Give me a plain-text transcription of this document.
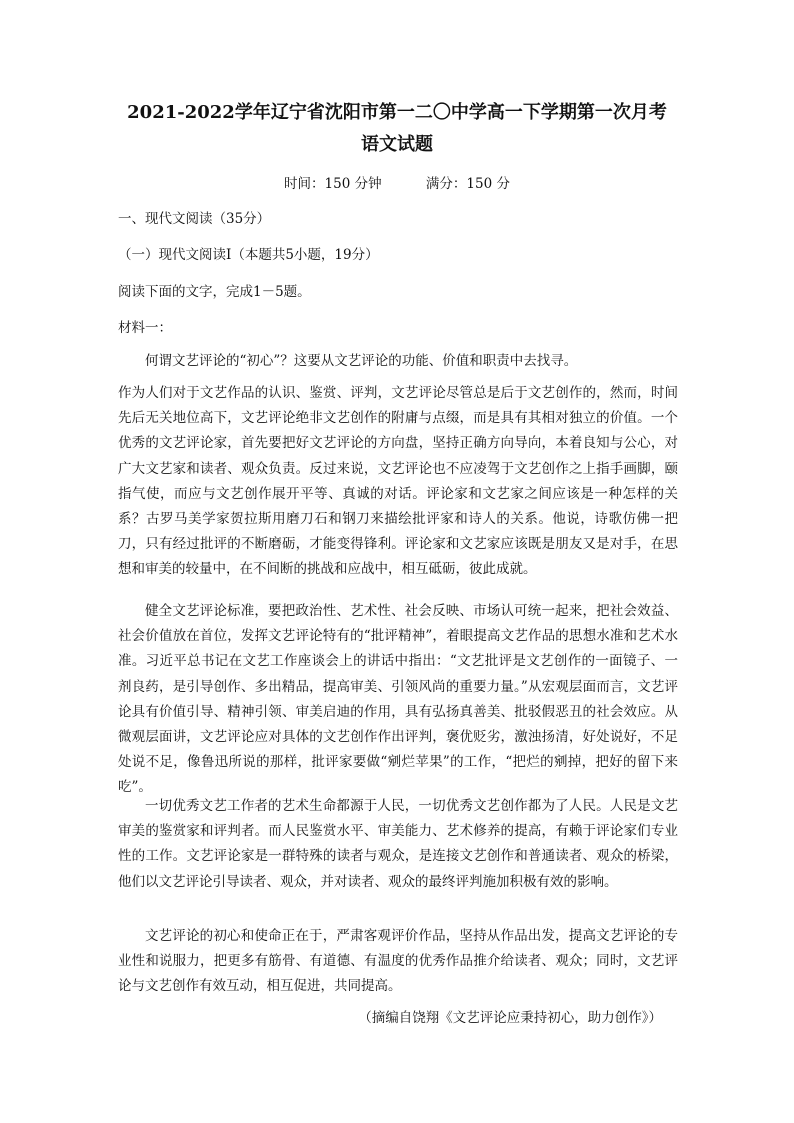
2021-2022学年辽宁省沈阳市第一二〇中学高一下学期第一次月考
语文试题
时间：150 分钟	满分：150 分
一、现代文阅读（35分）
（一）现代文阅读Ⅰ（本题共5小题，19分）
阅读下面的文字，完成1－5题。
材料一：

何谓文艺评论的“初心”？这要从文艺评论的功能、价值和职责中去找寻。

作为人们对于文艺作品的认识、鉴赏、评判，文艺评论尽管总是后于文艺创作的，然而，时间先后无关地位高下，文艺评论绝非文艺创作的附庸与点缀，而是具有其相对独立的价值。一个优秀的文艺评论家，首先要把好文艺评论的方向盘，坚持正确方向导向，本着良知与公心，对广大文艺家和读者、观众负责。反过来说，文艺评论也不应凌驾于文艺创作之上指手画脚，颐指气使，而应与文艺创作展开平等、真诚的对话。评论家和文艺家之间应该是一种怎样的关系？古罗马美学家贺拉斯用磨刀石和钢刀来描绘批评家和诗人的关系。他说，诗歌仿佛一把刀，只有经过批评的不断磨砺，才能变得锋利。评论家和文艺家应该既是朋友又是对手，在思想和审美的较量中，在不间断的挑战和应战中，相互砥砺，彼此成就。

健全文艺评论标准，要把政治性、艺术性、社会反映、市场认可统一起来，把社会效益、社会价值放在首位，发挥文艺评论特有的“批评精神”，着眼提高文艺作品的思想水准和艺术水准。习近平总书记在文艺工作座谈会上的讲话中指出：“文艺批评是文艺创作的一面镜子、一剂良药，是引导创作、多出精品，提高审美、引领风尚的重要力量。”从宏观层面而言，文艺评论具有价值引导、精神引领、审美启迪的作用，具有弘扬真善美、批驳假恶丑的社会效应。从微观层面讲，文艺评论应对具体的文艺创作作出评判，褒优贬劣，激浊扬清，好处说好，不足处说不足，像鲁迅所说的那样，批评家要做“剜烂苹果”的工作，“把烂的剜掉，把好的留下来吃”。

一切优秀文艺工作者的艺术生命都源于人民，一切优秀文艺创作都为了人民。人民是文艺审美的鉴赏家和评判者。而人民鉴赏水平、审美能力、艺术修养的提高，有赖于评论家们专业性的工作。文艺评论家是一群特殊的读者与观众，是连接文艺创作和普通读者、观众的桥梁，他们以文艺评论引导读者、观众，并对读者、观众的最终评判施加积极有效的影响。

文艺评论的初心和使命正在于，严肃客观评价作品，坚持从作品出发，提高文艺评论的专业性和说服力，把更多有筋骨、有道德、有温度的优秀作品推介给读者、观众；同时，文艺评论与文艺创作有效互动，相互促进，共同提高。

（摘编自饶翔《文艺评论应秉持初心，助力创作》）
